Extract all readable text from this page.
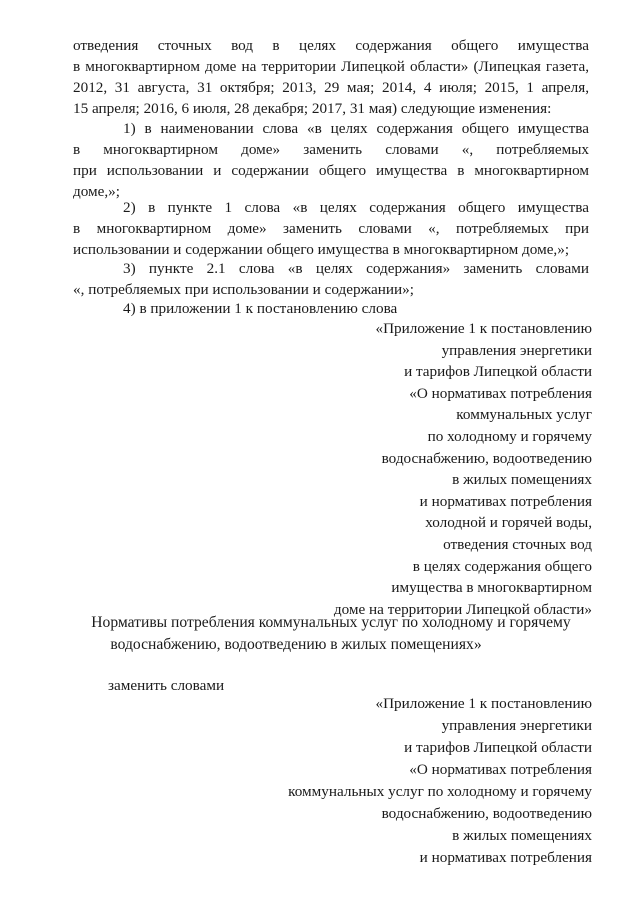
отведения сточных вод в целях содержания общего имущества
в многоквартирном доме на территории Липецкой области» (Липецкая газета,
2012, 31 августа, 31 октября; 2013, 29 мая; 2014, 4 июля; 2015, 1 апреля,
15 апреля; 2016, 6 июля, 28 декабря; 2017, 31 мая) следующие изменения:
1) в наименовании слова «в целях содержания общего имущества
в многоквартирном доме» заменить словами «, потребляемых
при использовании и содержании общего имущества в многоквартирном
доме,»;
2) в пункте 1 слова «в целях содержания общего имущества
в многоквартирном доме» заменить словами «, потребляемых при
использовании и содержании общего имущества в многоквартирном доме,»;
3) пункте 2.1 слова «в целях содержания» заменить словами
«, потребляемых при использовании и содержании»;
4) в приложении 1 к постановлению слова
«Приложение 1 к постановлению
управления энергетики
и тарифов Липецкой области
«О нормативах потребления
коммунальных услуг
по холодному и горячему
водоснабжению, водоотведению
в жилых помещениях
и нормативах потребления
холодной и горячей воды,
отведения сточных вод
в целях содержания общего
имущества в многоквартирном
доме на территории Липецкой области»
Нормативы потребления коммунальных услуг по холодному и горячему
водоснабжению, водоотведению в жилых помещениях»
заменить словами
«Приложение 1 к постановлению
управления энергетики
и тарифов Липецкой области
«О нормативах потребления
коммунальных услуг по холодному и горячему
водоснабжению, водоотведению
в жилых помещениях
и нормативах потребления
